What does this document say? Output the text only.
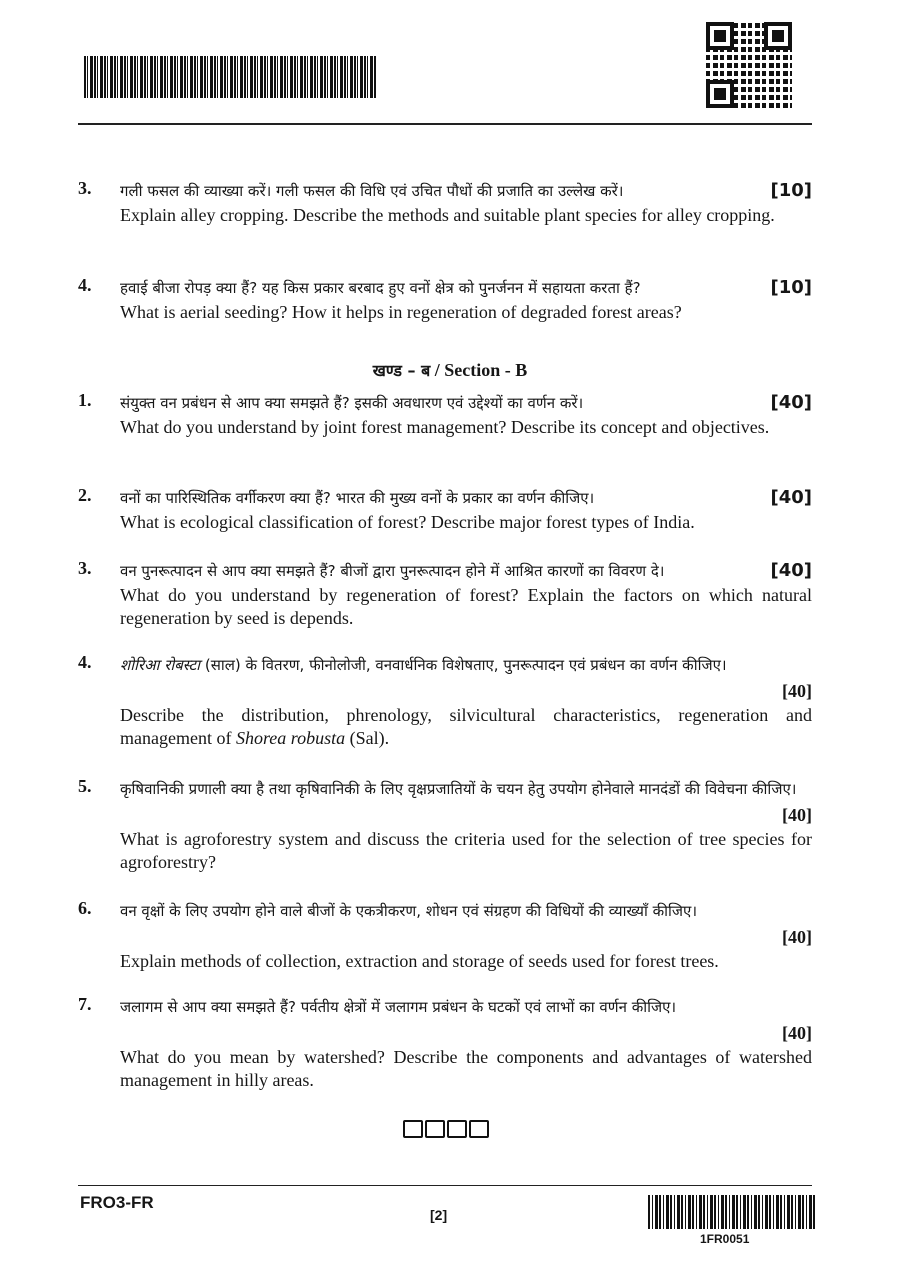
3.	[10]
गली फसल की व्याख्या करें। गली फसल की विधि एवं उचित पौधों की प्रजाति का उल्लेख करें।
Explain alley cropping. Describe the methods and suitable plant species for alley cropping.
4.	[10]
हवाई बीजा रोपड़ क्या हैं? यह किस प्रकार बरबाद हुए वनों क्षेत्र को पुनर्जनन में सहायता करता हैं?
What is aerial seeding? How it helps in regeneration of degraded forest areas?
खण्ड – ब / Section - B
1.	[40]
संयुक्त वन प्रबंधन से आप क्या समझते हैं? इसकी अवधारण एवं उद्देश्यों का वर्णन करें।
What do you understand by joint forest management? Describe its concept and objectives.
2.	[40]
वनों का पारिस्थितिक वर्गीकरण क्या हैं? भारत की मुख्य वनों के प्रकार का वर्णन कीजिए।
What is ecological classification of forest? Describe major forest types of India.
3.	[40]
वन पुनरूत्पादन से आप क्या समझते हैं? बीजों द्वारा पुनरूत्पादन होने में आश्रित कारणों का विवरण दे।
What do you understand by regeneration of forest? Explain the factors on which natural regeneration by seed is depends.
4.	शोरिआ रोबस्टा (साल) के वितरण, फीनोलोजी, वनवार्धनिक विशेषताए, पुनरूत्पादन एवं प्रबंधन का वर्णन कीजिए।
[40]
Describe the distribution, phrenology, silvicultural characteristics, regeneration and management of Shorea robusta (Sal).
5.	कृषिवानिकी प्रणाली क्या है तथा कृषिवानिकी के लिए वृक्षप्रजातियों के चयन हेतु उपयोग होनेवाले मानदंडों की विवेचना कीजिए।
[40]
What is agroforestry system and discuss the criteria used for the selection of tree species for agroforestry?
6.	वन वृक्षों के लिए उपयोग होने वाले बीजों के एकत्रीकरण, शोधन एवं संग्रहण की विधियों की व्याख्याँ कीजिए।
[40]
Explain methods of collection, extraction and storage of seeds used for forest trees.
7.	जलागम से आप क्या समझते हैं? पर्वतीय क्षेत्रों में जलागम प्रबंधन के घटकों एवं लाभों का वर्णन कीजिए।
[40]
What do you mean by watershed? Describe the components and advantages of watershed management in hilly areas.
FRO3-FR
[2]
1FR0051
